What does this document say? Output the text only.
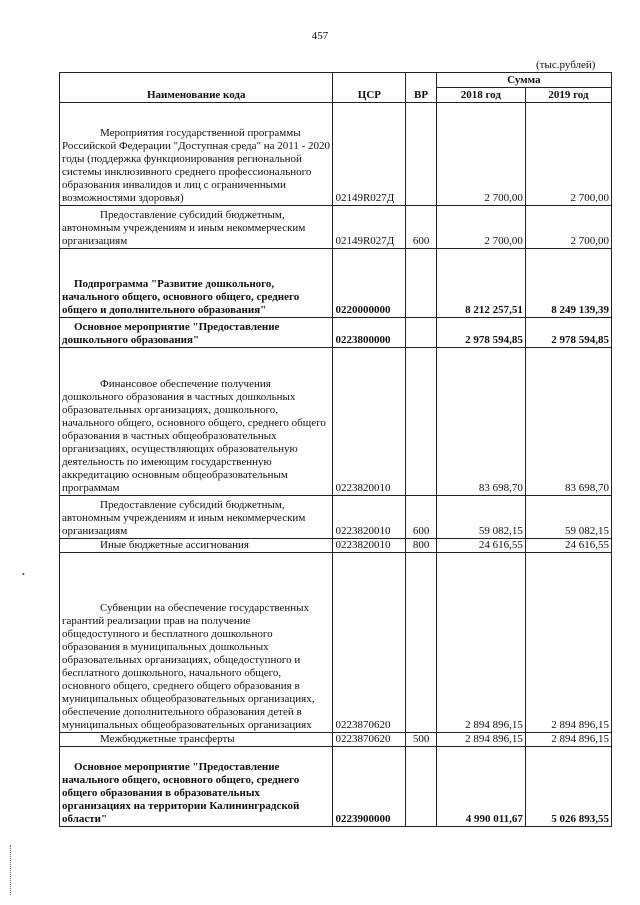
457
(тыс.рублей)
Наименование кода	ЦСР	ВР	Сумма	
			2018 год	2019 год

Мероприятия государственной программы
Российской Федерации "Доступная среда" на 2011 - 2020 годы (поддержка функционирования региональной системы инклюзивного среднего профессионального образования инвалидов и лиц с ограниченными возможностями здоровья)	02149R027Д		2 700,00	2 700,00

Предоставление субсидий бюджетным,
автономным учреждениям и иным некоммерческим организациям	02149R027Д	600	2 700,00	2 700,00

Подпрограмма "Развитие дошкольного,
начального общего, основного общего, среднего общего и дополнительного образования"	0220000000		8 212 257,51	8 249 139,39

Основное мероприятие "Предоставление
дошкольного образования"	0223800000		2 978 594,85	2 978 594,85

Финансовое обеспечение получения
дошкольного образования в частных дошкольных образовательных организациях, дошкольного, начального общего, основного общего, среднего общего образования в частных общеобразовательных организациях, осуществляющих образовательную деятельность по имеющим государственную аккредитацию основным общеобразовательным программам	0223820010		83 698,70	83 698,70

Предоставление субсидий бюджетным,
автономным учреждениям и иным некоммерческим организациям	0223820010	600	59 082,15	59 082,15
Иные бюджетные ассигнования	0223820010	800	24 616,55	24 616,55

Субвенции на обеспечение государственных
гарантий реализации прав на получение общедоступного и бесплатного дошкольного образования в муниципальных дошкольных образовательных организациях, общедоступного и бесплатного дошкольного, начального общего, основного общего, среднего общего образования в муниципальных общеобразовательных организациях, обеспечение дополнительного образования детей в муниципальных общеобразовательных организациях	0223870620		2 894 896,15	2 894 896,15
Межбюджетные трансферты	0223870620	500	2 894 896,15	2 894 896,15

Основное мероприятие "Предоставление
начального общего, основного общего, среднего общего образования в образовательных организациях на территории Калининградской области"	0223900000		4 990 011,67	5 026 893,55
•
